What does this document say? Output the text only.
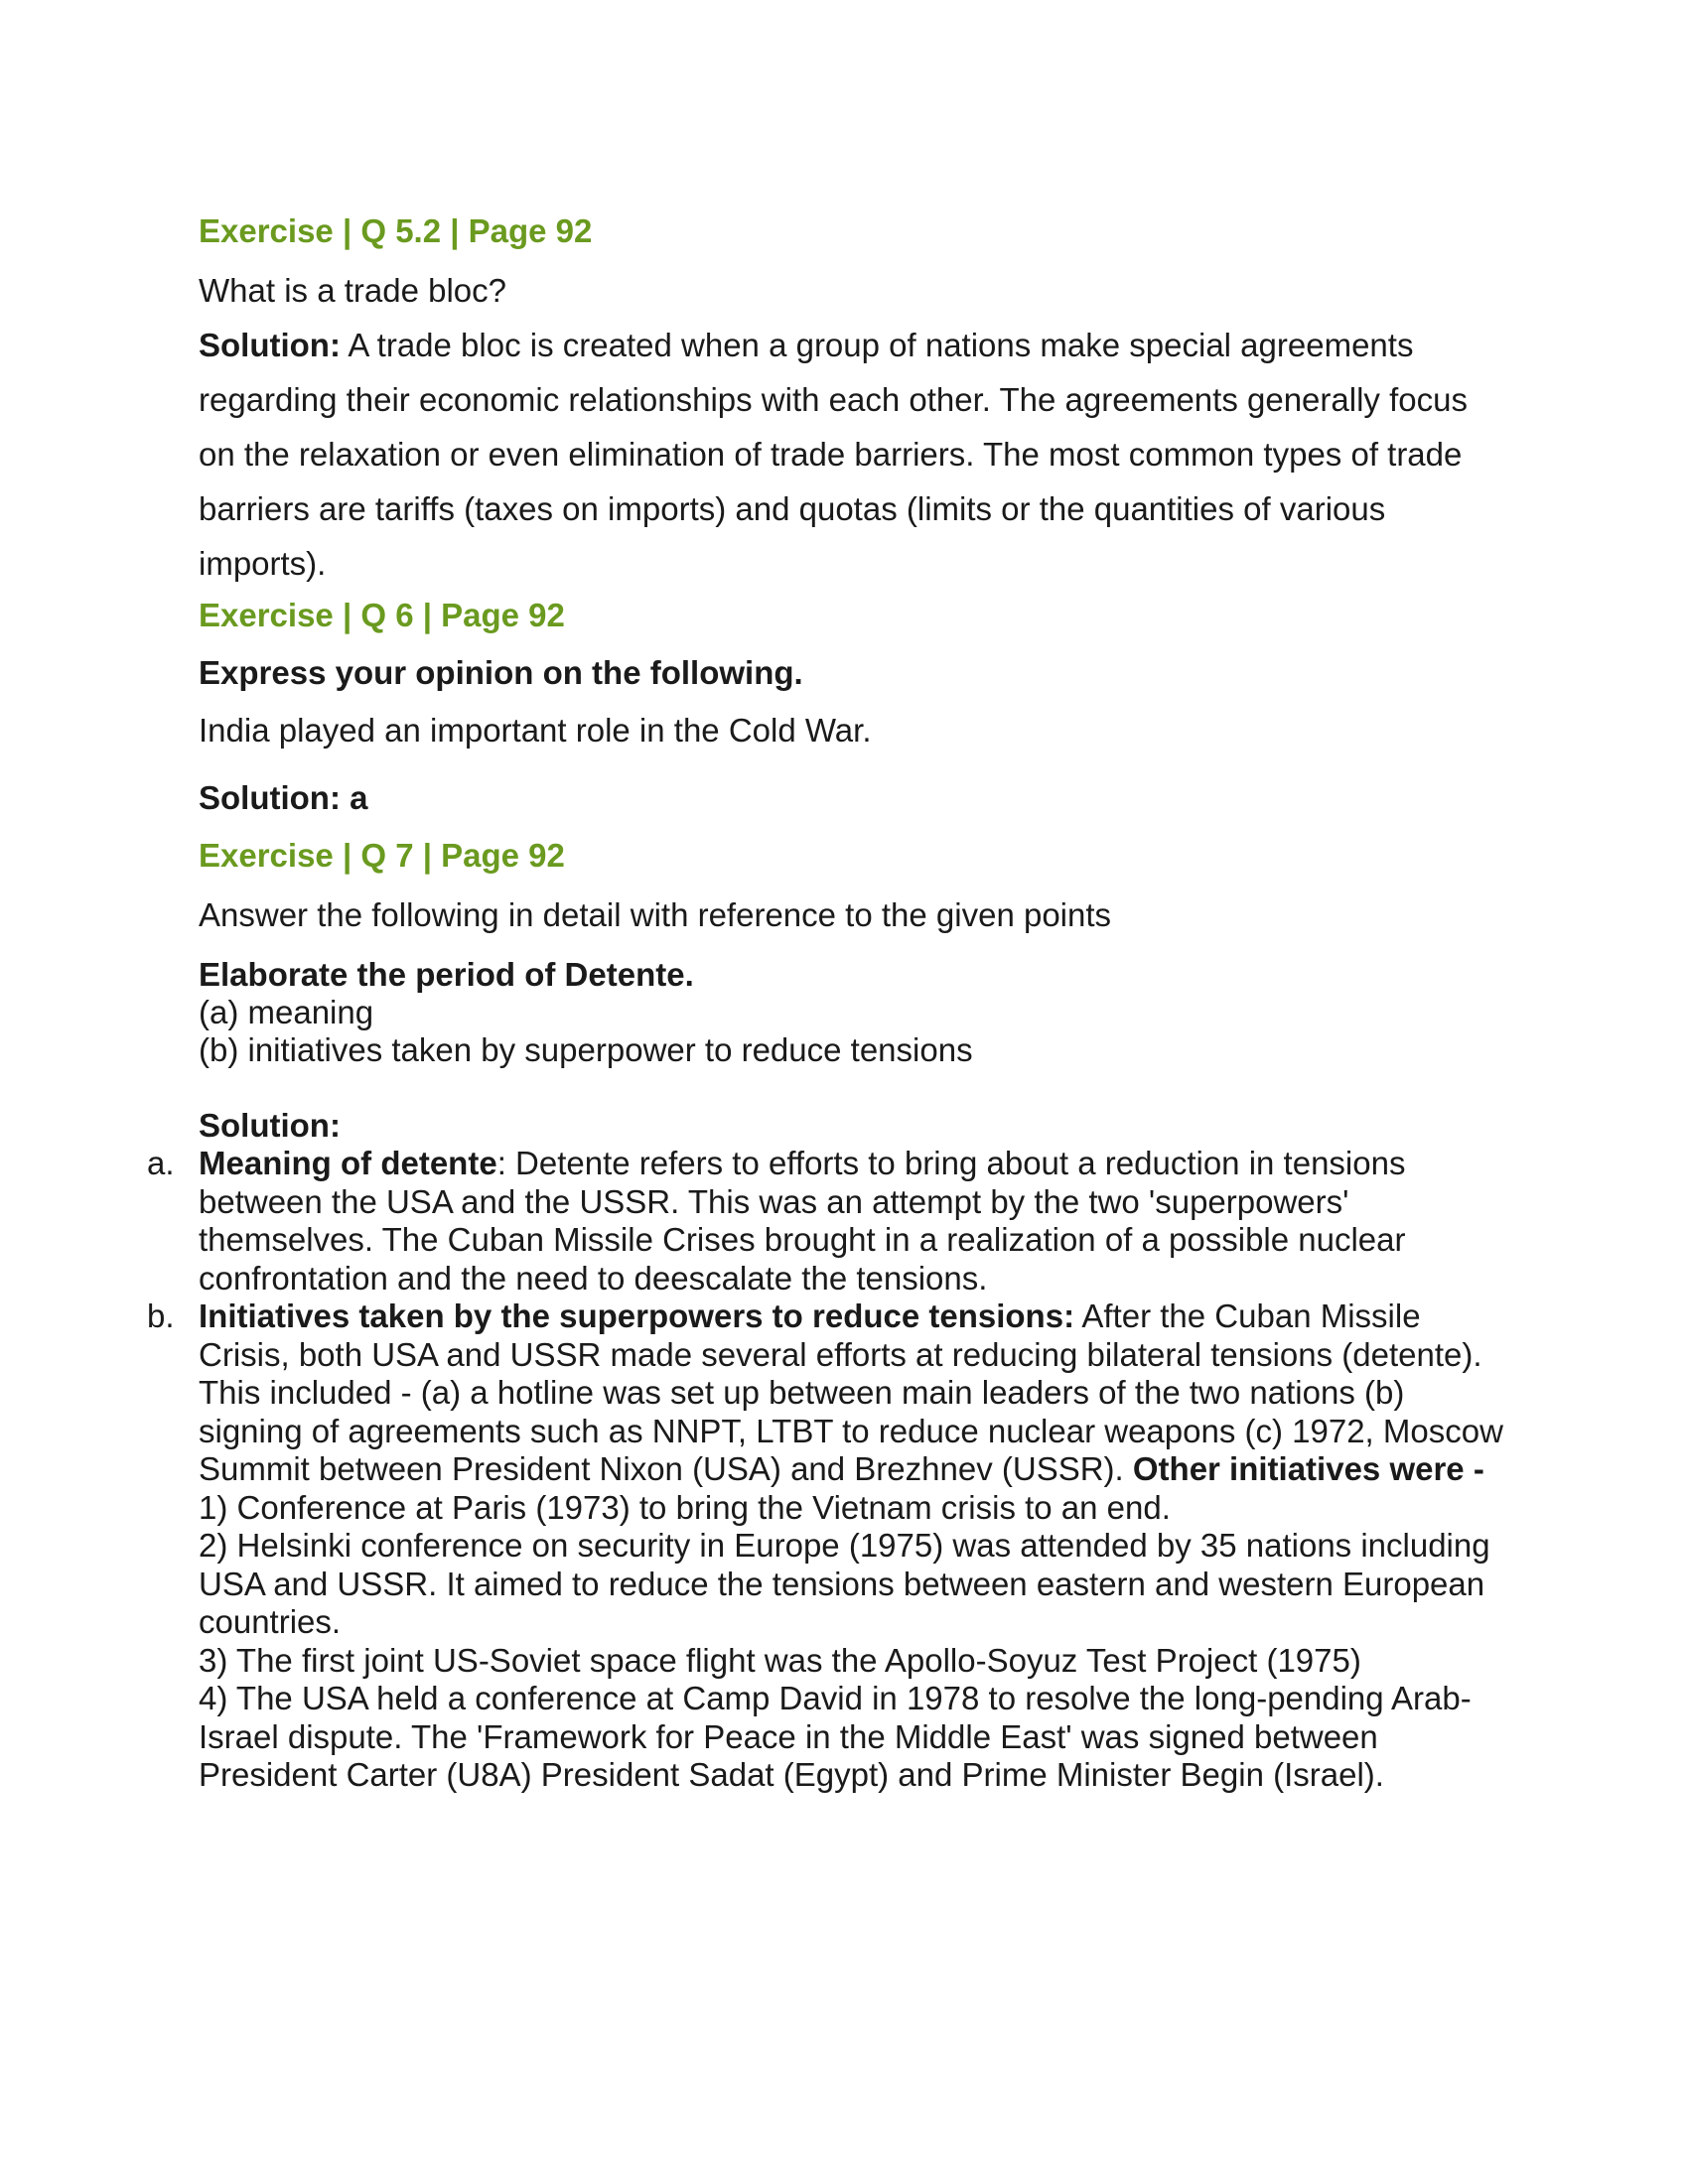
Exercise | Q 5.2 | Page 92

What is a trade bloc?

Solution: A trade bloc is created when a group of nations make special agreements regarding their economic relationships with each other. The agreements generally focus on the relaxation or even elimination of trade barriers. The most common types of trade barriers are tariffs (taxes on imports) and quotas (limits or the quantities of various imports).

Exercise | Q 6 | Page 92

Express your opinion on the following.

India played an important role in the Cold War.

Solution: a

Exercise | Q 7 | Page 92

Answer the following in detail with reference to the given points

Elaborate the period of Detente.

(a) meaning

(b) initiatives taken by superpower to reduce tensions

Solution:

a. Meaning of detente: Detente refers to efforts to bring about a reduction in tensions between the USA and the USSR. This was an attempt by the two 'superpowers' themselves. The Cuban Missile Crises brought in a realization of a possible nuclear confrontation and the need to deescalate the tensions.
b. Initiatives taken by the superpowers to reduce tensions: After the Cuban Missile Crisis, both USA and USSR made several efforts at reducing bilateral tensions (detente). This included - (a) a hotline was set up between main leaders of the two nations (b) signing of agreements such as NNPT, LTBT to reduce nuclear weapons (c) 1972, Moscow Summit between President Nixon (USA) and Brezhnev (USSR). Other initiatives were -
1) Conference at Paris (1973) to bring the Vietnam crisis to an end.
2) Helsinki conference on security in Europe (1975) was attended by 35 nations including USA and USSR. It aimed to reduce the tensions between eastern and western European countries.
3) The first joint US-Soviet space flight was the Apollo-Soyuz Test Project (1975)
4) The USA held a conference at Camp David in 1978 to resolve the long-pending Arab-Israel dispute. The 'Framework for Peace in the Middle East' was signed between President Carter (U8A) President Sadat (Egypt) and Prime Minister Begin (Israel).
